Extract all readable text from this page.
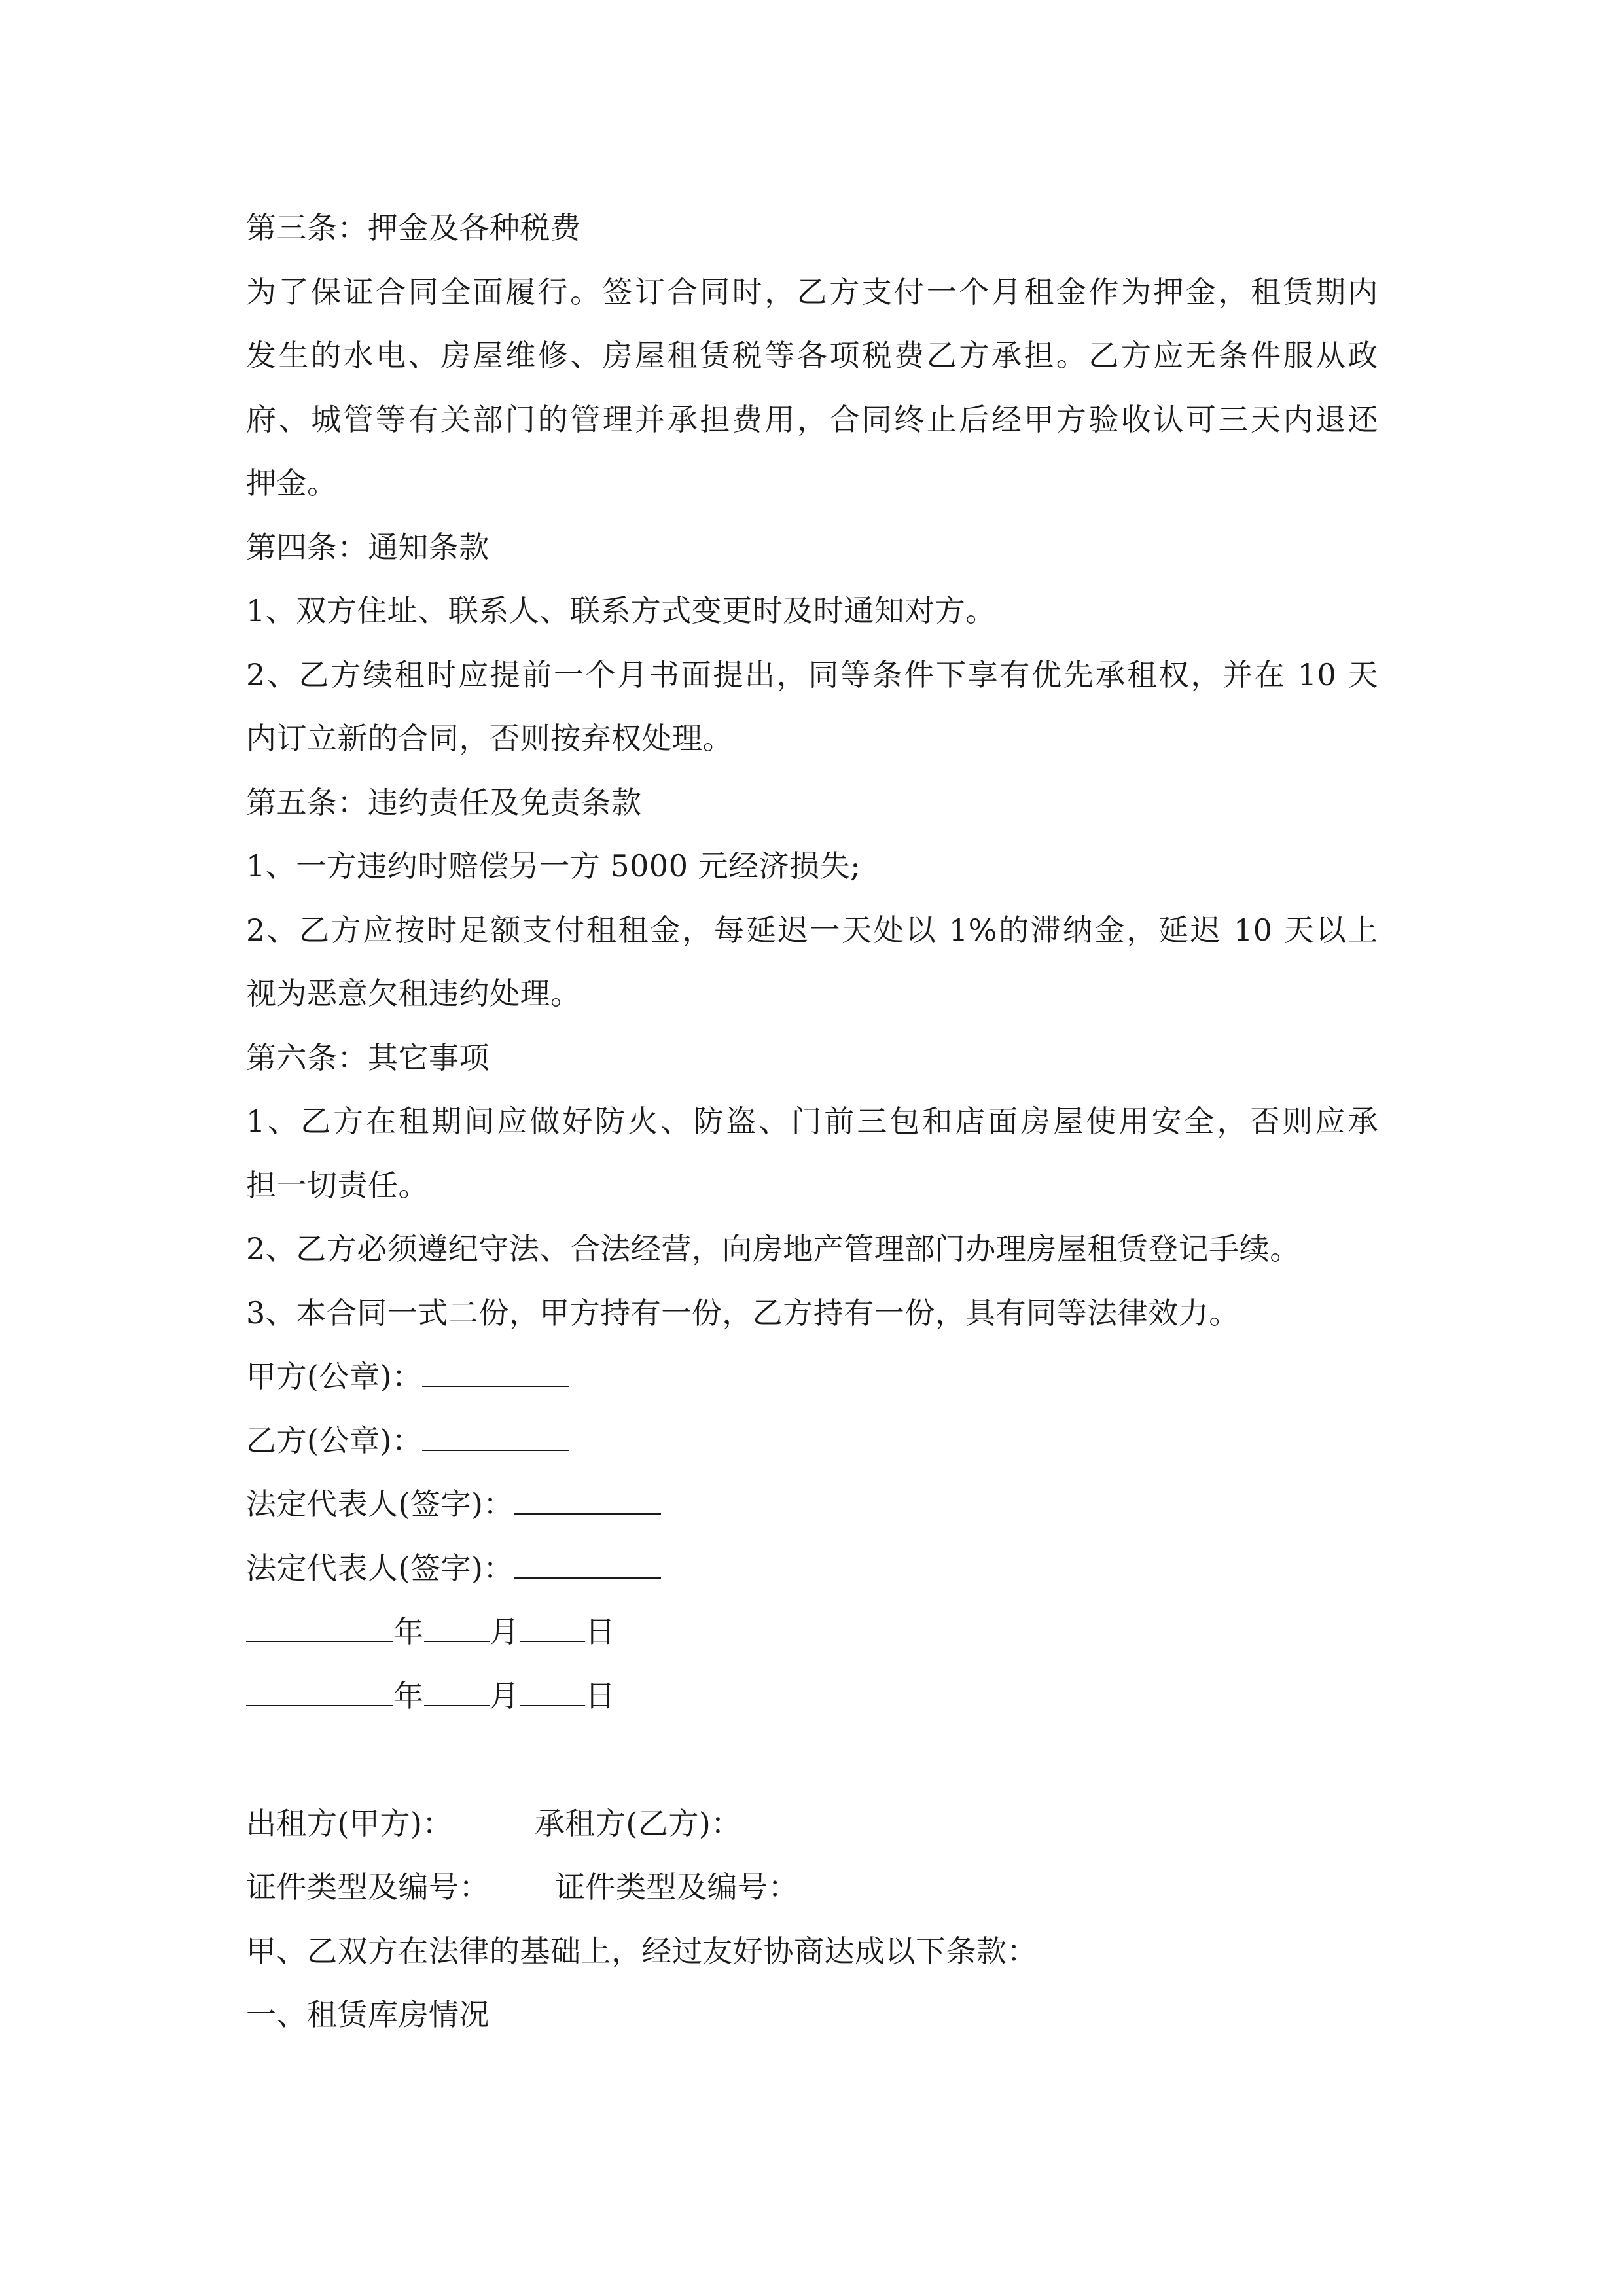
第三条：押金及各种税费
为了保证合同全面履行。签订合同时，乙方支付一个月租金作为押金，租赁期内
发生的水电、房屋维修、房屋租赁税等各项税费乙方承担。乙方应无条件服从政
府、城管等有关部门的管理并承担费用，合同终止后经甲方验收认可三天内退还
押金。
第四条：通知条款
1、双方住址、联系人、联系方式变更时及时通知对方。
2、乙方续租时应提前一个月书面提出，同等条件下享有优先承租权，并在 10 天
内订立新的合同，否则按弃权处理。
第五条：违约责任及免责条款
1、一方违约时赔偿另一方 5000 元经济损失;
2、乙方应按时足额支付租租金，每延迟一天处以 1%的滞纳金，延迟 10 天以上
视为恶意欠租违约处理。
第六条：其它事项
1、乙方在租期间应做好防火、防盗、门前三包和店面房屋使用安全，否则应承
担一切责任。
2、乙方必须遵纪守法、合法经营，向房地产管理部门办理房屋租赁登记手续。
3、本合同一式二份，甲方持有一份，乙方持有一份，具有同等法律效力。
甲方(公章)：
乙方(公章)：
法定代表人(签字)：
法定代表人(签字)：
年 月 日
年 月 日
出租方(甲方)：	承租方(乙方)：
证件类型及编号： 证件类型及编号：
甲、乙双方在法律的基础上，经过友好协商达成以下条款：
一、租赁库房情况
